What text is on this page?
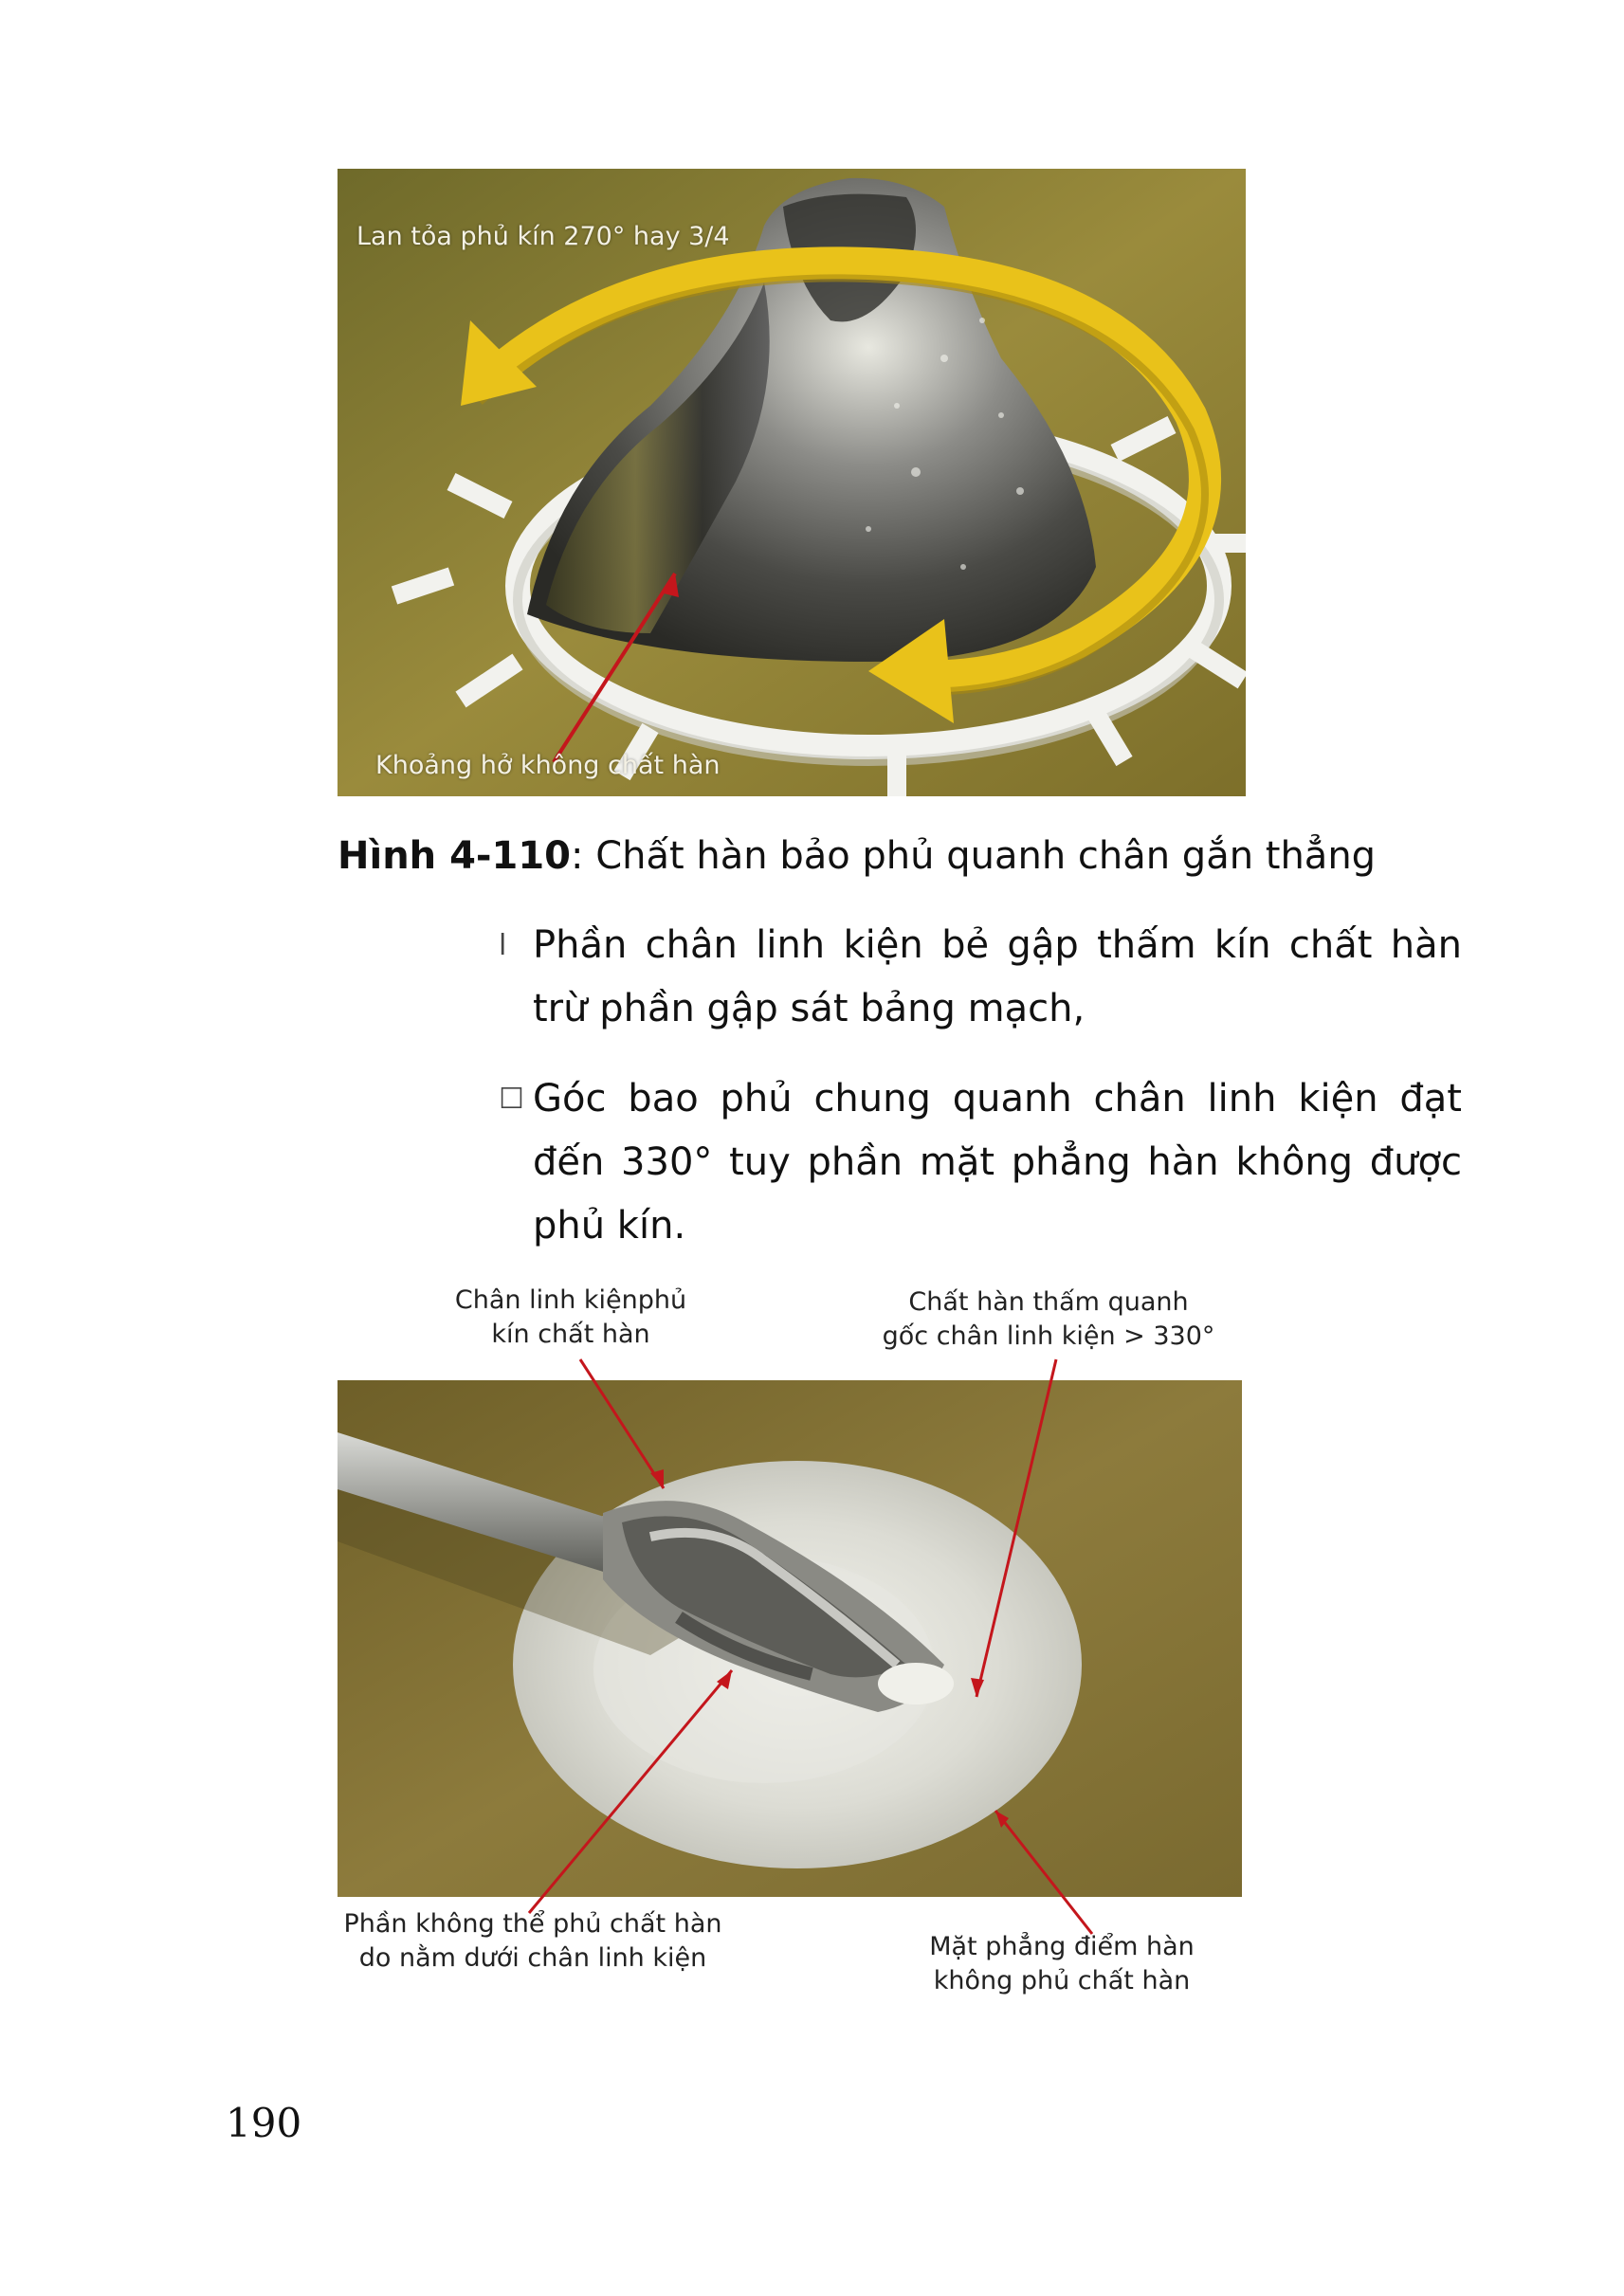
Lan tỏa phủ kín 270° hay 3/4
Khoảng hở không chất hàn
Hình 4-110: Chất hàn bảo phủ quanh chân gắn thẳng
l Phần chân linh kiện bẻ gập thấm kín chất hàn trừ phần gập sát bảng mạch,
☐ Góc bao phủ chung quanh chân linh kiện đạt đến 330° tuy phần mặt phẳng hàn không được phủ kín.
Chân linh kiệnphủ
kín chất hàn
Chất hàn thấm quanh
gốc chân linh kiện > 330°
Phần không thể phủ chất hàn
do nằm dưới chân linh kiện	Mặt phẳng điểm hàn
không phủ chất hàn
190
